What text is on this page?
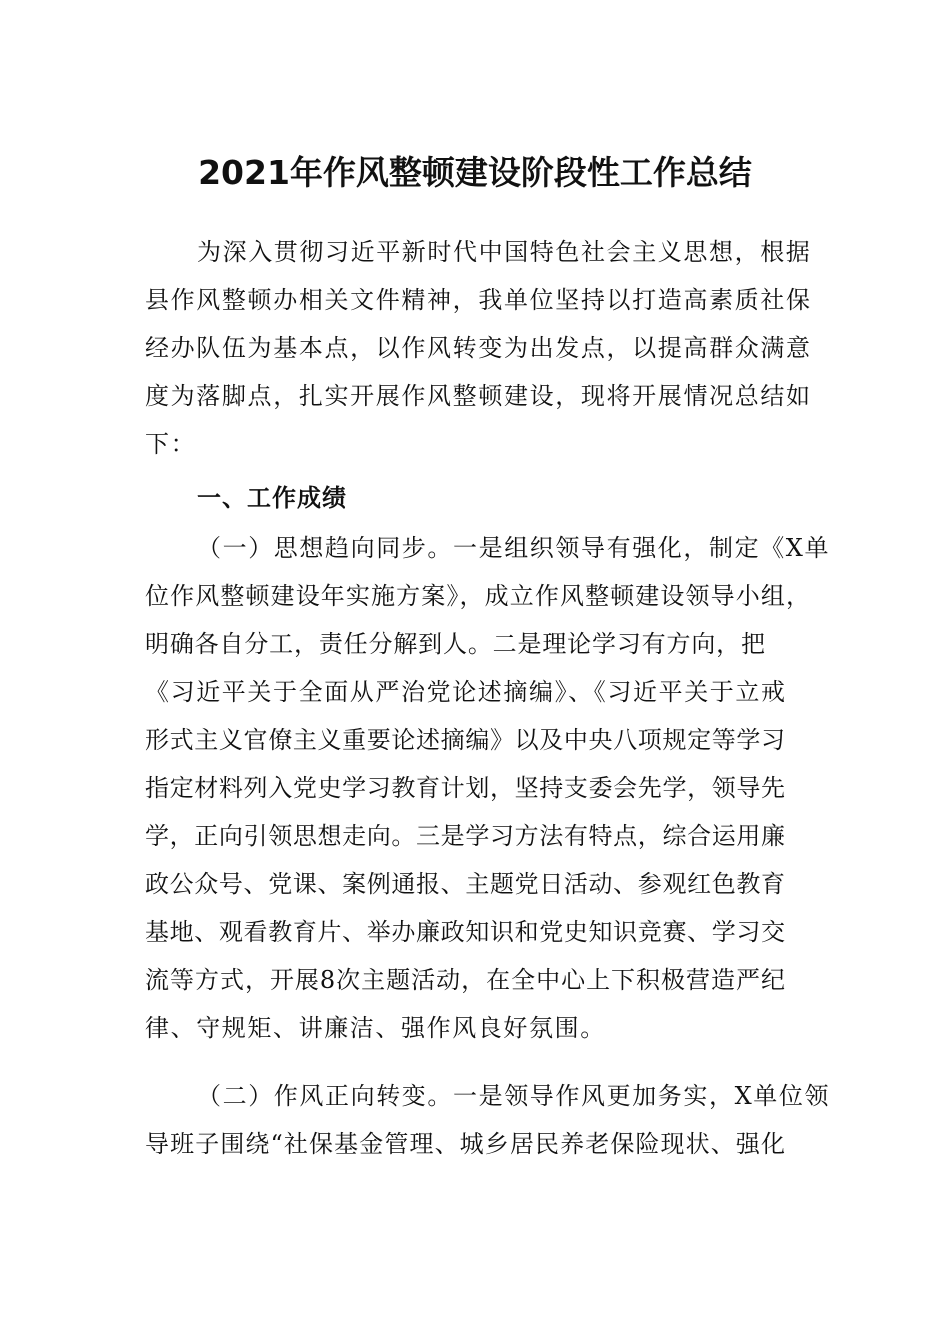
2021年作风整顿建设阶段性工作总结
为深入贯彻习近平新时代中国特色社会主义思想，根据
县作风整顿办相关文件精神，我单位坚持以打造高素质社保
经办队伍为基本点，以作风转变为出发点，以提高群众满意
度为落脚点，扎实开展作风整顿建设，现将开展情况总结如
下：
一、工作成绩
（一）思想趋向同步。一是组织领导有强化，制定《X单
位作风整顿建设年实施方案》，成立作风整顿建设领导小组，
明确各自分工，责任分解到人。二是理论学习有方向，把
《习近平关于全面从严治党论述摘编》、《习近平关于立戒
形式主义官僚主义重要论述摘编》以及中央八项规定等学习
指定材料列入党史学习教育计划，坚持支委会先学，领导先
学，正向引领思想走向。三是学习方法有特点，综合运用廉
政公众号、党课、案例通报、主题党日活动、参观红色教育
基地、观看教育片、举办廉政知识和党史知识竞赛、学习交
流等方式，开展8次主题活动，在全中心上下积极营造严纪
律、守规矩、讲廉洁、强作风良好氛围。
（二）作风正向转变。一是领导作风更加务实，X单位领
导班子围绕“社保基金管理、城乡居民养老保险现状、强化
